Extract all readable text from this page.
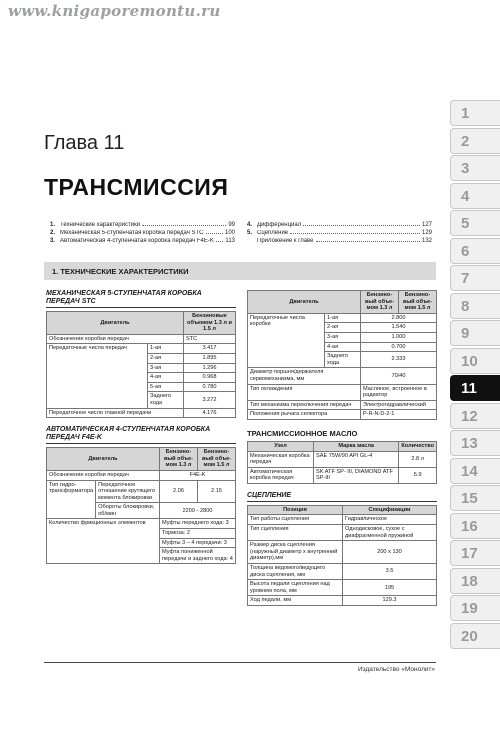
www.knigaporemontu.ru
Глава 11
ТРАНСМИССИЯ
1. Технические характеристики	99
2. Механическая 5-ступенчатая коробка передач STC	100
3. Автоматическая 4-ступенчатая коробка передач F4E-K 113
4. Дифференциал	127
5. Сцепление	129
Приложение к главе	132
1. ТЕХНИЧЕСКИЕ ХАРАКТЕРИСТИКИ
МЕХАНИЧЕСКАЯ 5-СТУПЕНЧАТАЯ КОРОБКА ПЕРЕДАЧ STC
Двигатель		Бензиновые объемом 1.3 л и 1.5 л
Обозначение коробки передач		STC
Передаточные числа передач	1-ая	3.417
	2-ая	1.895
	3-ая	1.296
	4-ая	0.968
	5-ая	0.780
	Заднего хода	3.272
Передаточное число главной передачи		4.176
АВТОМАТИЧЕСКАЯ 4-СТУПЕНЧАТАЯ КОРОБКА ПЕРЕДАЧ F4E-K
Двигатель		Бензино-вый объе-мом 1.3 л	Бензино-вый объе-мом 1.5 л
Обозначение коробки передач		F4E-K	
Тип гидро-трансформатора	Передаточное отношение крутящего момента блокировки	2.06	2.15
	Обороты блокировки, об/мин	2200 - 2800	
Количество фрикционных элементов		Муфты переднего хода: 3	
		Тормоза: 2	
		Муфты 3 – 4 передачи: 3	
		Муфта пониженной передачи и заднего хода: 4	
Двигатель		Бензино-вый объе-мом 1.3 л	Бензино-вый объе-мом 1.5 л
Передаточные числа коробки	1-ая	2.800	
	2-ая	1.540	
	3-ая	1.000	
	4-ая	0.700	
	Заднего хода	2.333	
Диаметр поршня/держателя сервомеханизма, мм		70/40	
Тип охлаждения		Масляное, встроенное в радиатор	
Тип механизма переключения передач		Электрогидравлический	
Положения рычага селектора		P-R-N-D-2-1	
ТРАНСМИССИОННОЕ МАСЛО
Узел	Марка масла	Количество
Механическая коробка передач	SAE 75W/90 API GL-4	2.8 л
Автоматическая коробка передач	SK ATF SP- III, DIAMOND ATF SP-III	5.9
СЦЕПЛЕНИЕ
Позиция	Спецификации
Тип работы сцепления	Гидравлическое
Тип сцепления	Однодисковое, сухое с диафрагменной пружиной
Размер диска сцепления (наружный диаметр x внутренний диаметр),мм	200 x 130
Толщина ведомого/ведущего диска сцепления, мм	3.5
Высота педали сцепления над уровнем пола, мм	195
Ход педали, мм	129.3
1
2
3
4
5
6
7
8
9
10
11
12
13
14
15
16
17
18
19
20
Издательство «Монолит»
